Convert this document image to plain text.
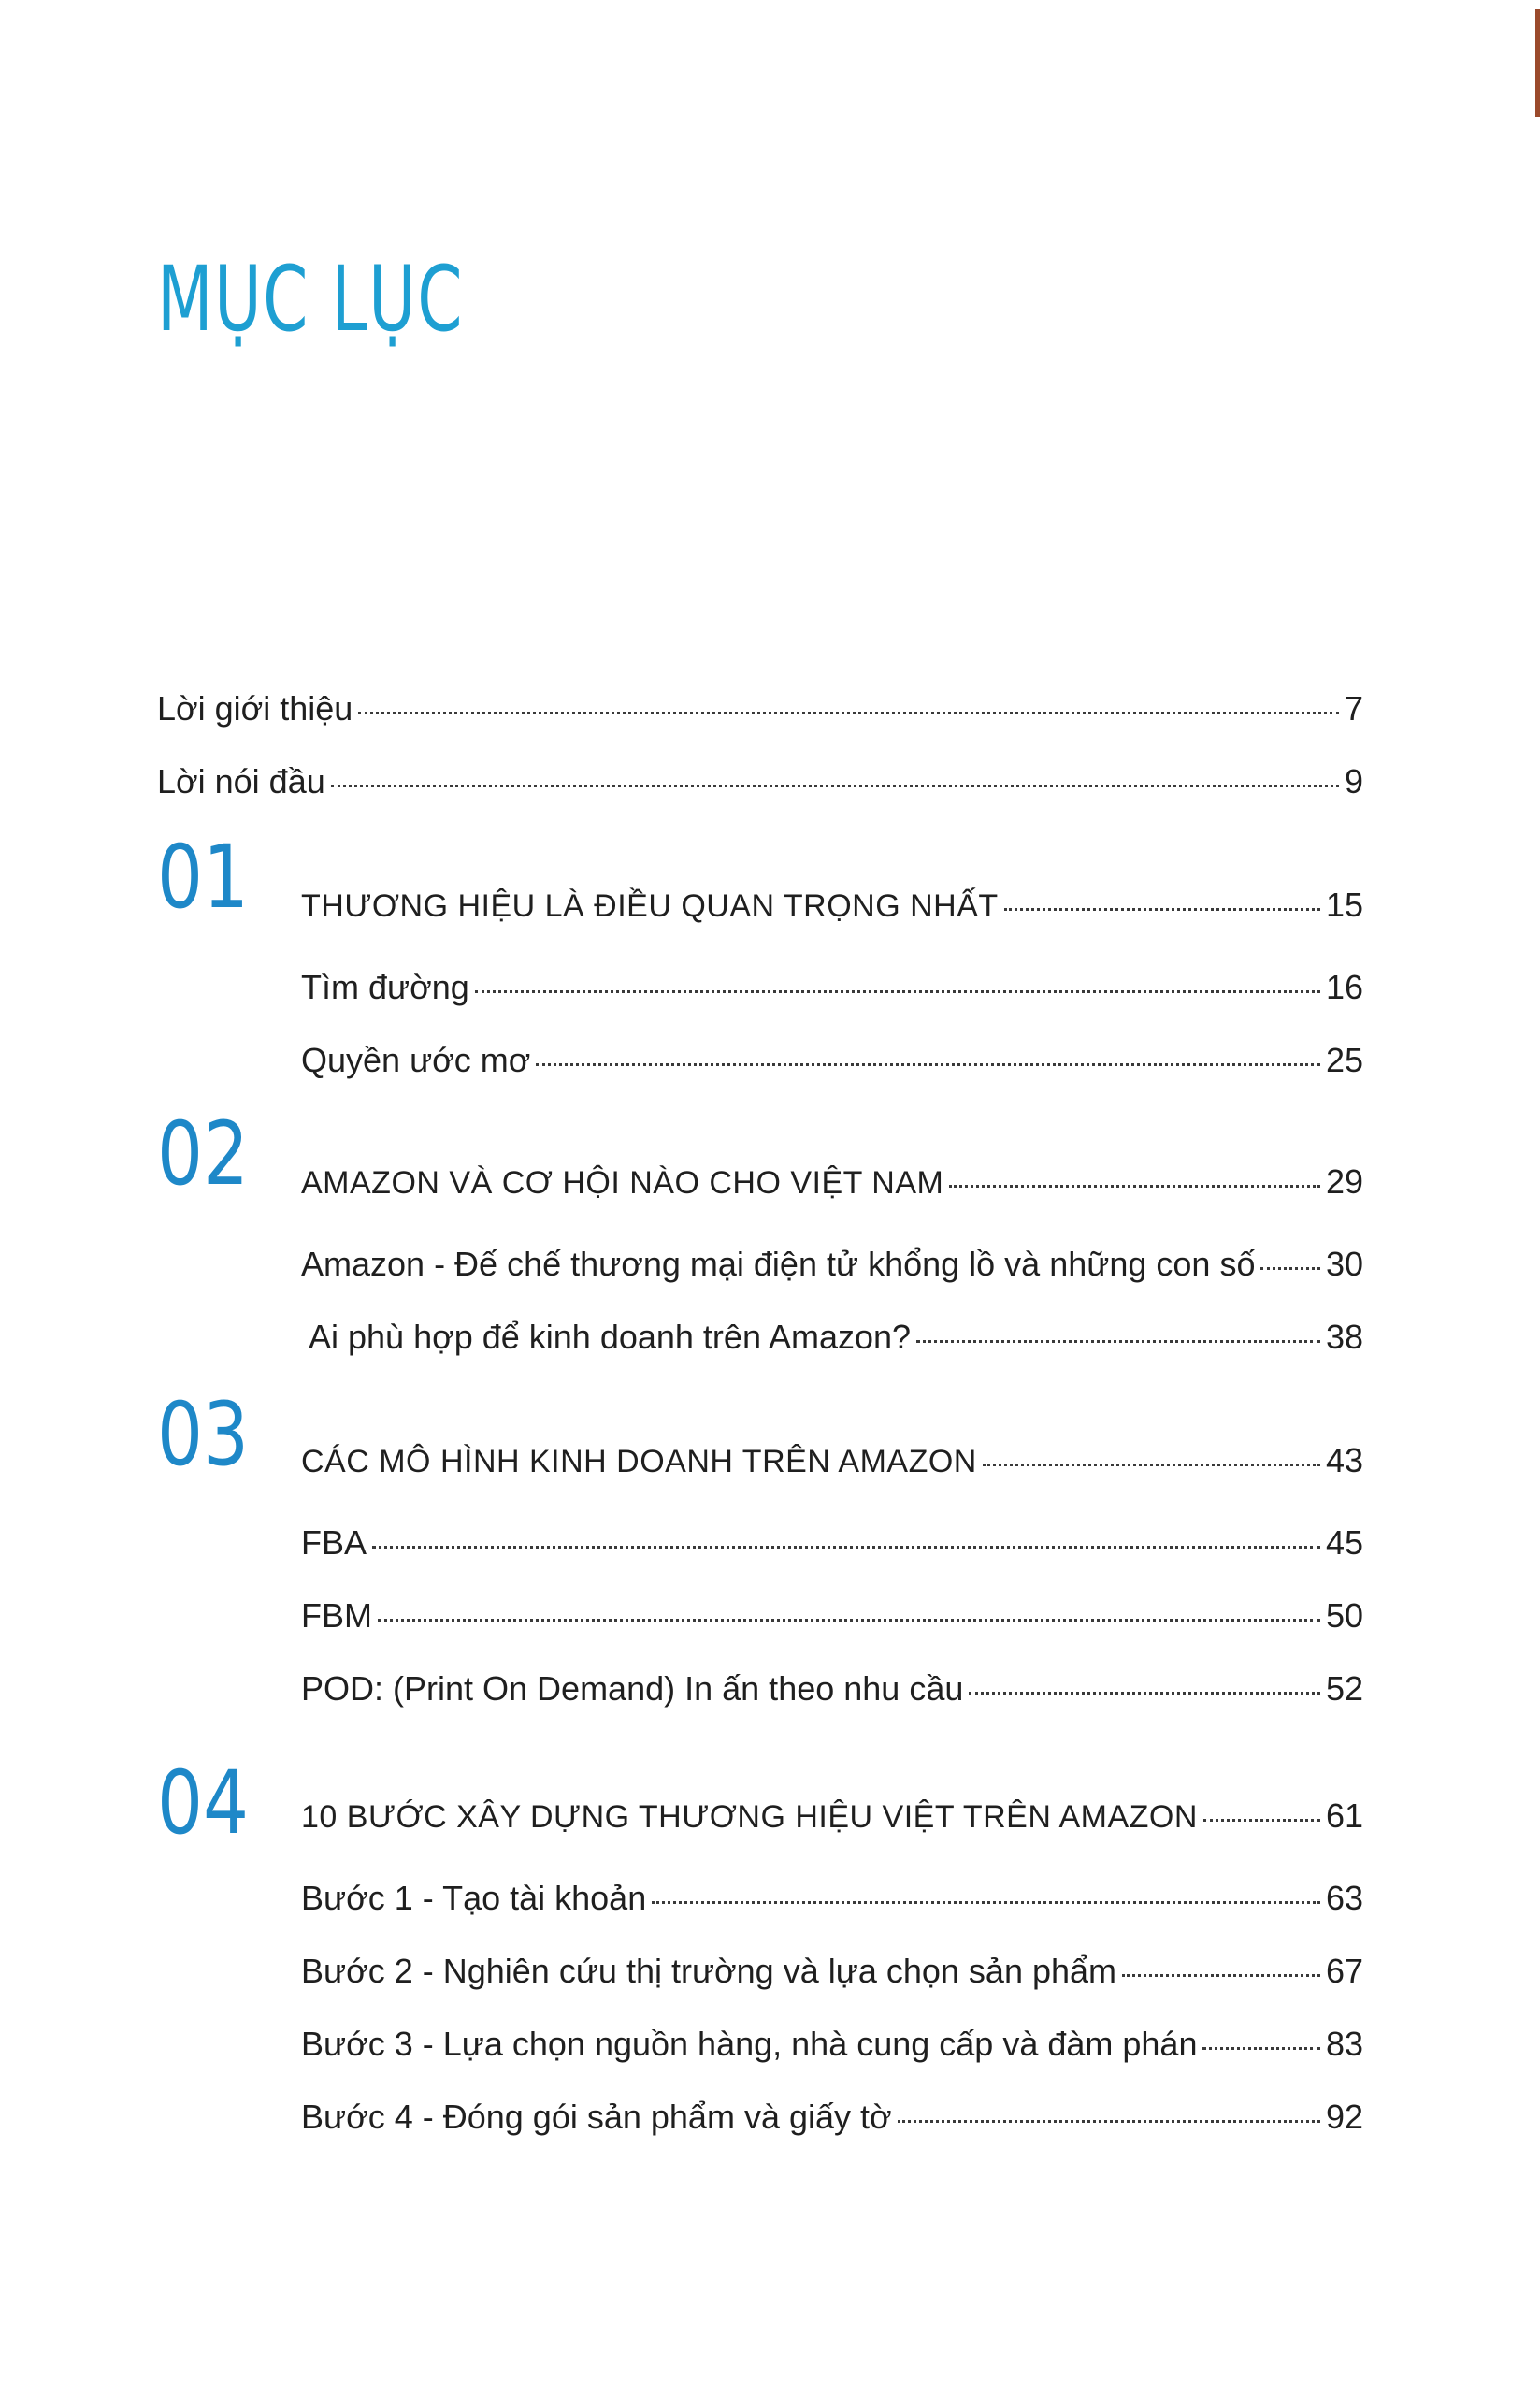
MỤC LỤC
Lời giới thiệu	7
Lời nói đầu	9
01 THƯƠNG HIỆU LÀ ĐIỀU QUAN TRỌNG NHẤT	15
Tìm đường	16
Quyền ước mơ	25
02 AMAZON VÀ CƠ HỘI NÀO CHO VIỆT NAM	29
Amazon - Đế chế thương mại điện tử khổng lồ và những con số 30
Ai phù hợp để kinh doanh trên Amazon?	38
03 CÁC MÔ HÌNH KINH DOANH TRÊN AMAZON	43
FBA	45
FBM	50
POD: (Print On Demand) In ấn theo nhu cầu	52
04 10 BƯỚC XÂY DỰNG THƯƠNG HIỆU VIỆT TRÊN AMAZON	61
Bước 1 - Tạo tài khoản	63
Bước 2 - Nghiên cứu thị trường và lựa chọn sản phẩm	67
Bước 3 - Lựa chọn nguồn hàng, nhà cung cấp và đàm phán	83
Bước 4 - Đóng gói sản phẩm và giấy tờ	92
